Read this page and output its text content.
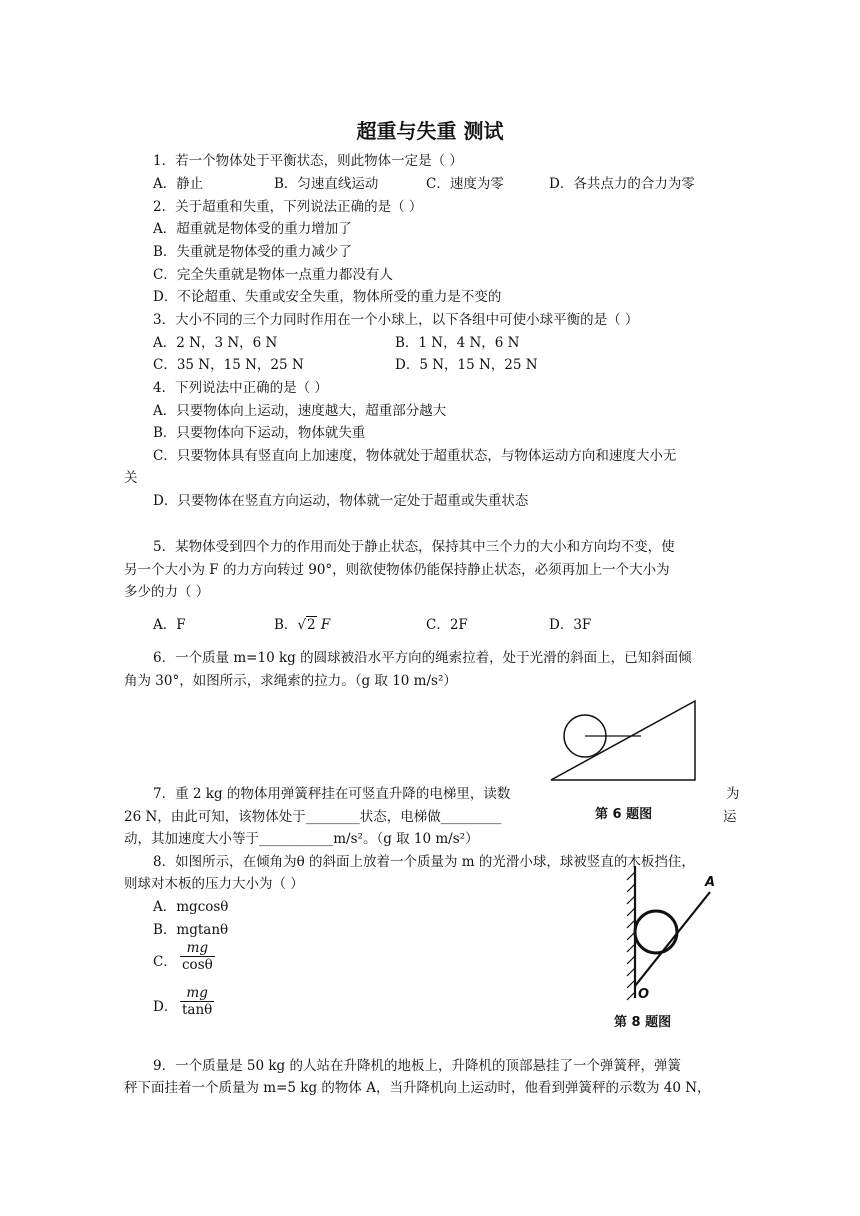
超重与失重 测试
1．若一个物体处于平衡状态，则此物体一定是（ ）
A．静止	B．匀速直线运动	C．速度为零	D．各共点力的合力为零
2．关于超重和失重，下列说法正确的是（ ）
A．超重就是物体受的重力增加了
B．失重就是物体受的重力减少了
C．完全失重就是物体一点重力都没有人
D．不论超重、失重或安全失重，物体所受的重力是不变的
3．大小不同的三个力同时作用在一个小球上，以下各组中可使小球平衡的是（ ）
A．2 N，3 N，6 N	B．1 N，4 N，6 N
C．35 N，15 N，25 N	D．5 N，15 N，25 N
4．下列说法中正确的是（ ）
A．只要物体向上运动，速度越大，超重部分越大
B．只要物体向下运动，物体就失重
C．只要物体具有竖直向上加速度，物体就处于超重状态，与物体运动方向和速度大小无
关
D．只要物体在竖直方向运动，物体就一定处于超重或失重状态
5．某物体受到四个力的作用而处于静止状态，保持其中三个力的大小和方向均不变，使
另一个大小为 F 的力方向转过 90°，则欲使物体仍能保持静止状态，必须再加上一个大小为
多少的力（ ）
A．F	B．√2 F	C．2F	D．3F
6．一个质量 m=10 kg 的圆球被沿水平方向的绳索拉着，处于光滑的斜面上，已知斜面倾
角为 30°，如图所示，求绳索的拉力。（g 取 10 m/s²）
第 6 题图
7．重 2 kg 的物体用弹簧秤挂在可竖直升降的电梯里，读数	为
26 N，由此可知，该物体处于________状态，电梯做_________	运
动，其加速度大小等于___________m/s²。（g 取 10 m/s²）
8．如图所示，在倾角为θ 的斜面上放着一个质量为 m 的光滑小球，球被竖直的木板挡住，
则球对木板的压力大小为（ ）
A．mgcosθ
B．mgtanθ
C． $\frac{mg}{\cos\theta}$
D． $\frac{mg}{\tan\theta}$
A
O
第 8 题图
9．一个质量是 50 kg 的人站在升降机的地板上，升降机的顶部悬挂了一个弹簧秤，弹簧
秤下面挂着一个质量为 m=5 kg 的物体 A，当升降机向上运动时，他看到弹簧秤的示数为 40 N，
